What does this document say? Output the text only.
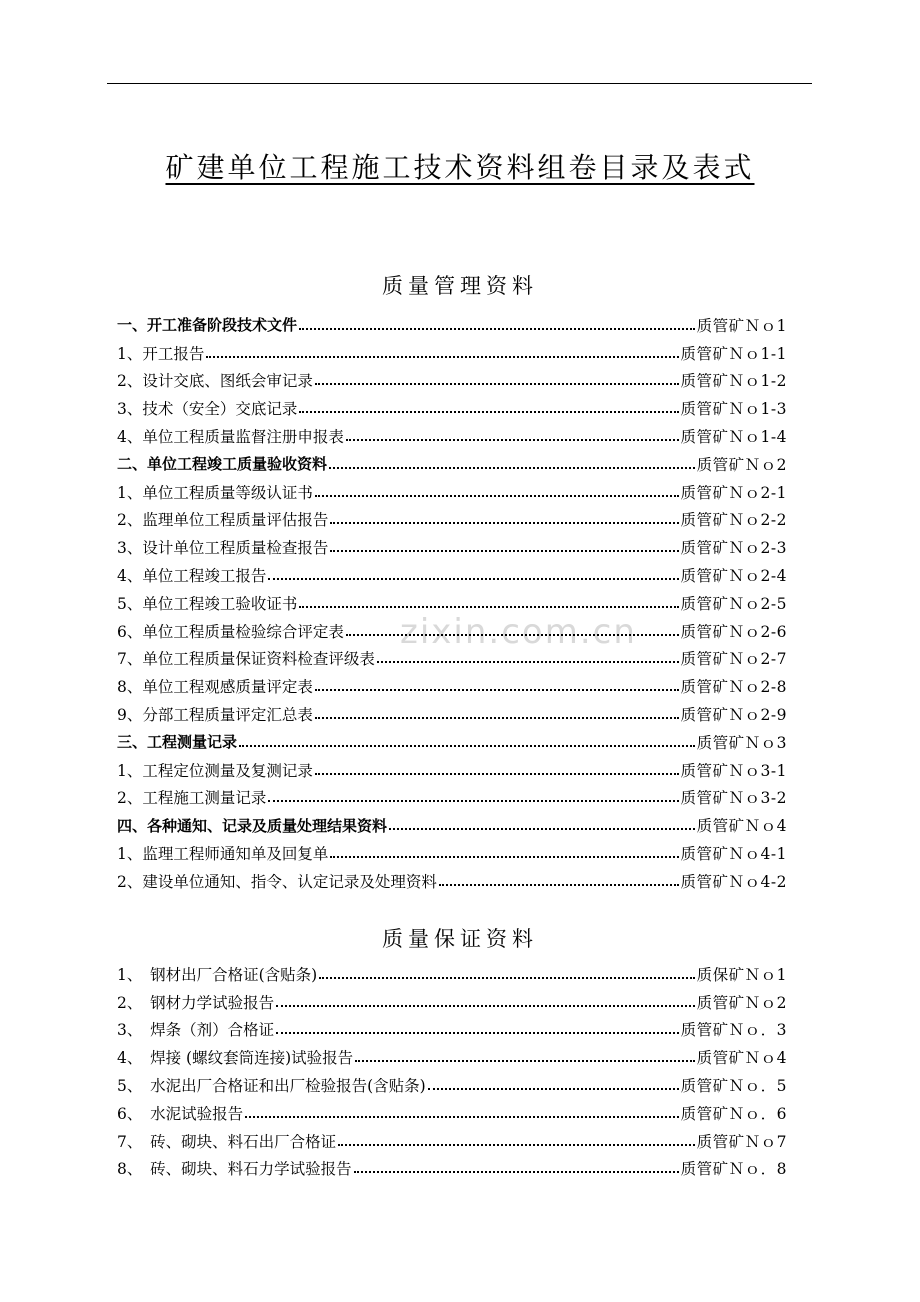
矿建单位工程施工技术资料组卷目录及表式
zixin.com.cn
质量管理资料
一、开工准备阶段技术文件	质管矿Ｎｏ1
1、开工报告	质管矿Ｎｏ1-1
2、设计交底、图纸会审记录	质管矿Ｎｏ1-2
3、技术（安全）交底记录	质管矿Ｎｏ1-3
4、单位工程质量监督注册申报表	质管矿Ｎｏ1-4
二、单位工程竣工质量验收资料	质管矿Ｎｏ2
1、单位工程质量等级认证书	质管矿Ｎｏ2-1
2、监理单位工程质量评估报告	质管矿Ｎｏ2-2
3、设计单位工程质量检查报告	质管矿Ｎｏ2-3
4、单位工程竣工报告	质管矿Ｎｏ2-4
5、单位工程竣工验收证书	质管矿Ｎｏ2-5
6、单位工程质量检验综合评定表	质管矿Ｎｏ2-6
7、单位工程质量保证资料检查评级表	质管矿Ｎｏ2-7
8、单位工程观感质量评定表	质管矿Ｎｏ2-8
9、分部工程质量评定汇总表	质管矿Ｎｏ2-9
三、工程测量记录	质管矿Ｎｏ3
1、工程定位测量及复测记录	质管矿Ｎｏ3-1
2、工程施工测量记录	质管矿Ｎｏ3-2
四、各种通知、记录及质量处理结果资料	质管矿Ｎｏ4
1、监理工程师通知单及回复单	质管矿Ｎｏ4-1
2、建设单位通知、指令、认定记录及处理资料	质管矿Ｎｏ4-2
质量保证资料
1、　钢材出厂合格证(含贴条)	质保矿Ｎｏ1
2、　钢材力学试验报告	质管矿Ｎｏ2
3、　焊条（剂）合格证	质管矿Ｎｏ．3
4、　焊接 (螺纹套筒连接)试验报告	质管矿Ｎｏ4
5、　水泥出厂合格证和出厂检验报告(含贴条)	质管矿Ｎｏ．5
6、　水泥试验报告	质管矿Ｎｏ．6
7、　砖、砌块、料石出厂合格证	质管矿Ｎｏ7
8、　砖、砌块、料石力学试验报告	质管矿Ｎｏ．8
